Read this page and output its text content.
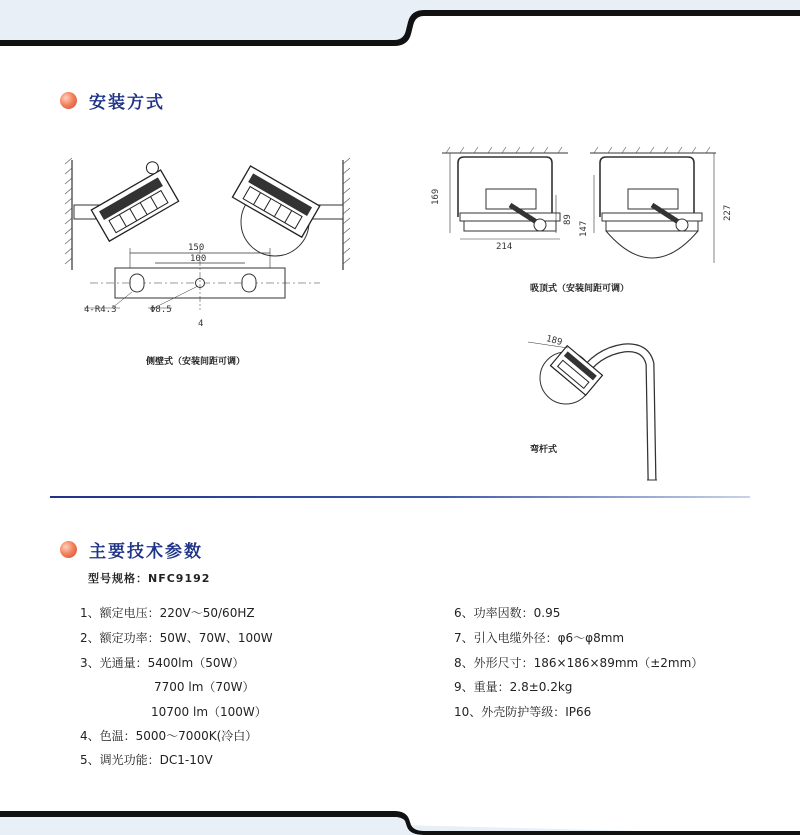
安装方式
150
100
4-R4.3	Φ8.5
4
侧壁式（安装间距可调）
169
89
214
147
227
吸顶式（安装间距可调）
189
弯杆式
主要技术参数
型号规格：NFC9192
1、额定电压：220V～50/60HZ
2、额定功率：50W、70W、100W
3、光通量：5400lm（50W）
7700 lm（70W）
10700 lm（100W）
4、色温：5000～7000K(冷白）
5、调光功能：DC1-10V
6、功率因数：0.95
7、引入电缆外径：φ6～φ8mm
8、外形尺寸：186×186×89mm（±2mm）
9、重量：2.8±0.2kg
10、外壳防护等级：IP66
